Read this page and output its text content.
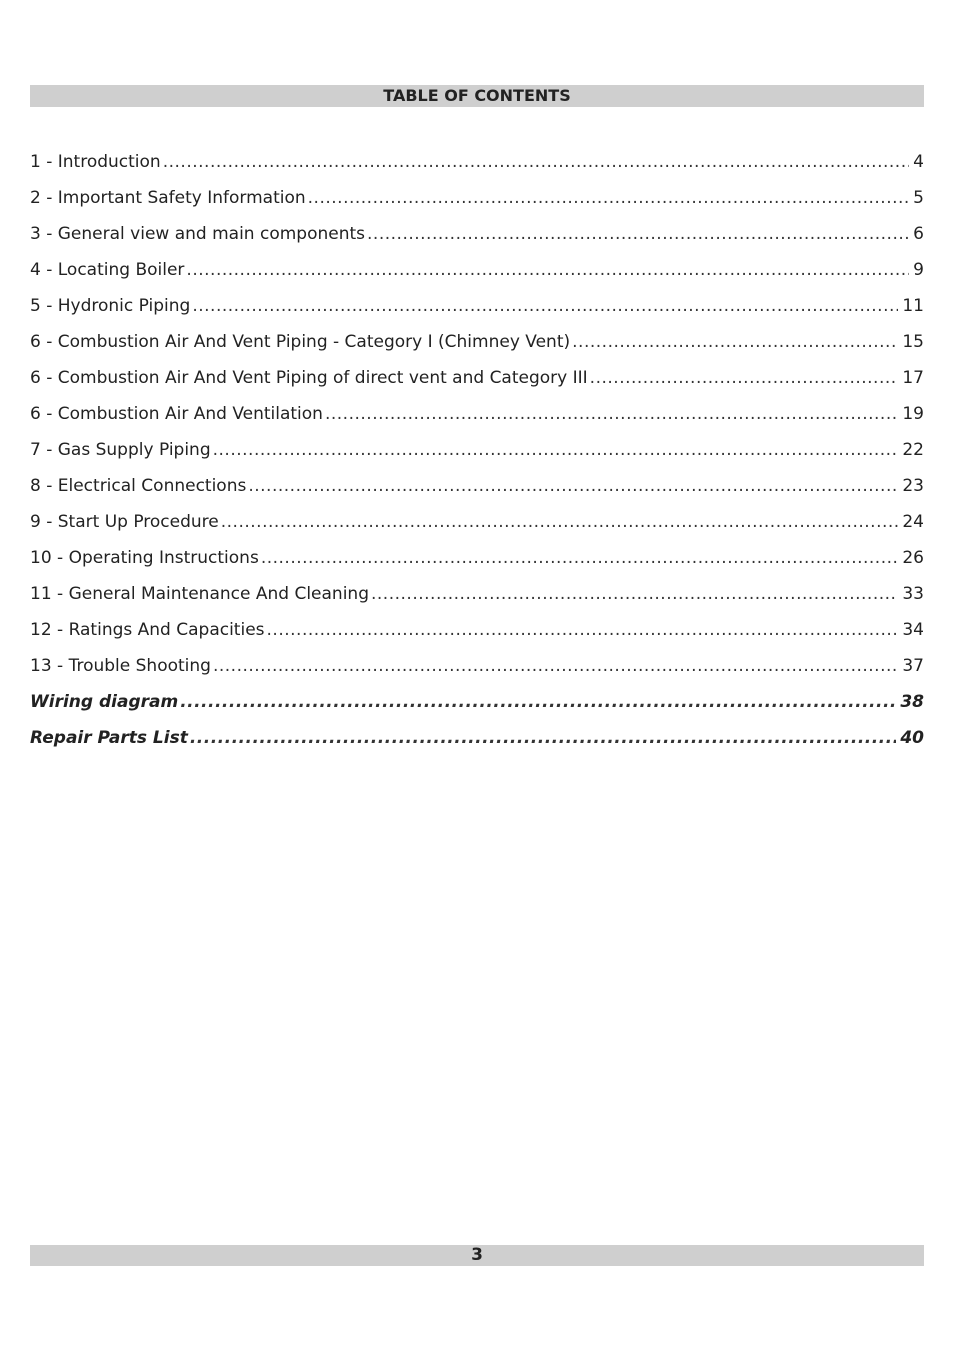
TABLE OF CONTENTS
1 - Introduction .....	4
2 - Important Safety Information .....	5
3 - General view and main components .....	6
4 - Locating Boiler .....	9
5 - Hydronic Piping .....	11
6 - Combustion Air And Vent Piping - Category I (Chimney Vent) .....	15
6 - Combustion Air And Vent Piping of direct vent and Category III .....	17
6 - Combustion Air And Ventilation .....	19
7 - Gas Supply Piping .....	22
8 - Electrical Connections .....	23
9 - Start Up Procedure .....	24
10 - Operating Instructions .....	26
11 - General Maintenance And Cleaning .....	33
12 - Ratings And Capacities .....	34
13 - Trouble Shooting .....	37
Wiring diagram .....	38
Repair Parts List .....	40
3
